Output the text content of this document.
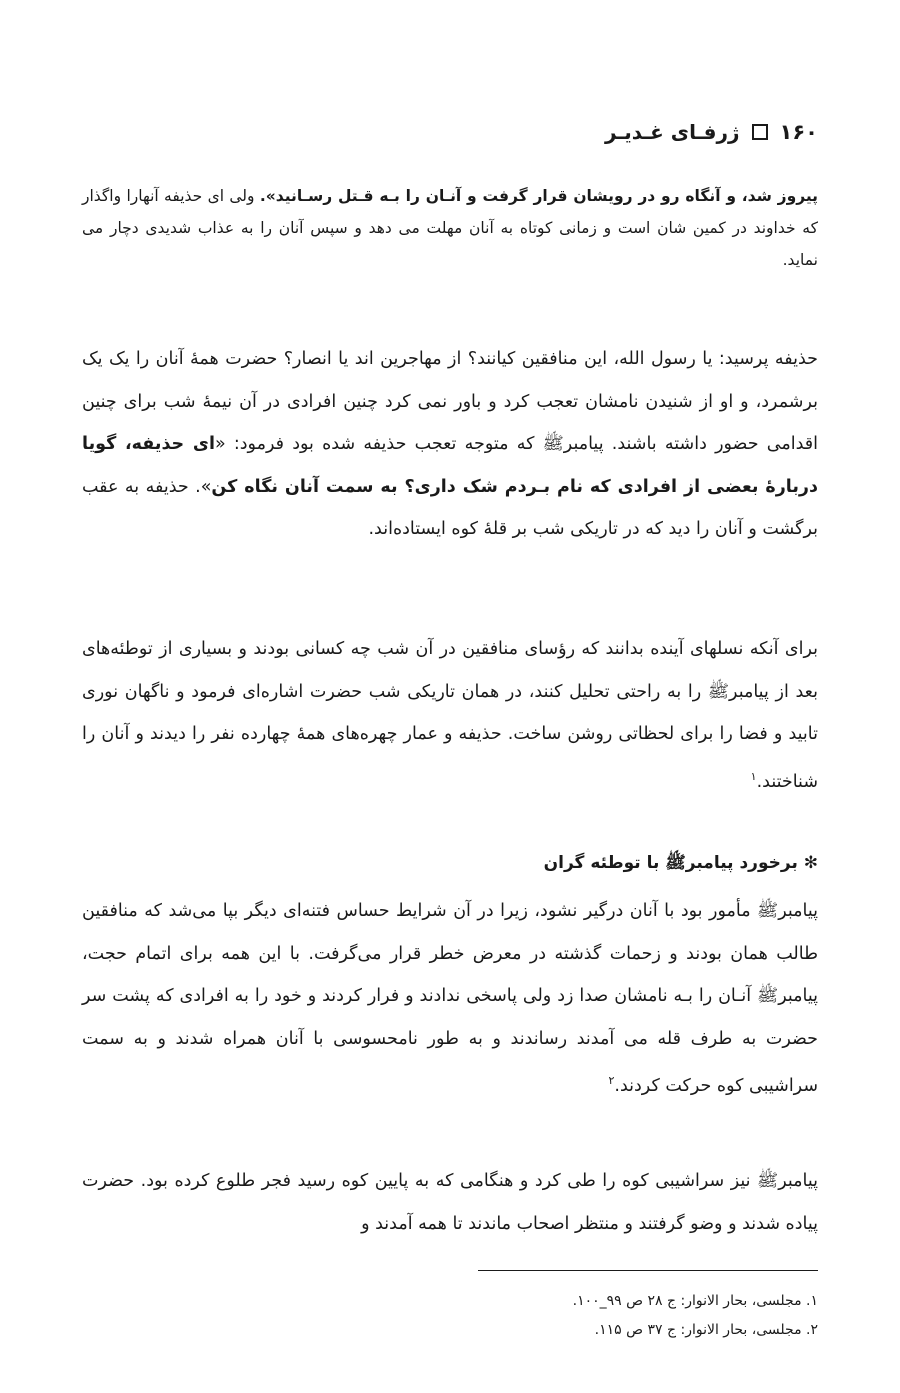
۱۶۰
ژرفـای غـدیـر
پیروز شد، و آنگاه رو در رویشان قرار گرفت و آنـان را بـه قـتل رسـانید». ولی ای حذیفه آنهارا واگذار که خداوند در کمین شان است و زمانی کوتاه به آنان مهلت می دهد و سپس آنان را به عذاب شدیدی دچار می نماید.
حذیفه پرسید: یا رسول الله، این منافقین کیانند؟ از مهاجرین اند یا انصار؟ حضرت همهٔ آنان را یک یک برشمرد، و او از شنیدن نامشان تعجب کرد و باور نمی کرد چنین افرادی در آن نیمهٔ شب برای چنین اقدامی حضور داشته باشند. پیامبرﷺ که متوجه تعجب حذیفه شده بود فرمود: «ای حذیفه، گویا دربارهٔ بعضی از افرادی که نام بـردم شک داری؟ به سمت آنان نگاه کن». حذیفه به عقب برگشت و آنان را دید که در تاریکی شب بر قلهٔ کوه ایستاده‌اند.
برای آنکه نسلهای آینده بدانند که رؤسای منافقین در آن شب چه کسانی بودند و بسیاری از توطئه‌های بعد از پیامبرﷺ را به راحتی تحلیل کنند، در همان تاریکی شب حضرت اشاره‌ای فرمود و ناگهان نوری تابید و فضا را برای لحظاتی روشن ساخت. حذیفه و عمار چهره‌های همهٔ چهارده نفر را دیدند و آنان را شناختند.$^۱$
✻ برخورد پیامبرﷺ با توطئه گران
پیامبرﷺ مأمور بود با آنان درگیر نشود، زیرا در آن شرایط حساس فتنه‌ای دیگر بپا می‌شد که منافقین طالب همان بودند و زحمات گذشته در معرض خطر قرار می‌گرفت. با این همه برای اتمام حجت، پیامبرﷺ آنـان را بـه نامشان صدا زد ولی پاسخی ندادند و فرار کردند و خود را به افرادی که پشت سر حضرت به طرف قله می آمدند رساندند و به طور نامحسوسی با آنان همراه شدند و به سمت سراشیبی کوه حرکت کردند.$^۲$
پیامبرﷺ نیز سراشیبی کوه را طی کرد و هنگامی که به پایین کوه رسید فجر طلوع کرده بود. حضرت پیاده شدند و وضو گرفتند و منتظر اصحاب ماندند تا همه آمدند و
۱. مجلسی، بحار الانوار: ج ۲۸ ص ۹۹_۱۰۰.
۲. مجلسی، بحار الانوار: ج ۳۷ ص ۱۱۵.
